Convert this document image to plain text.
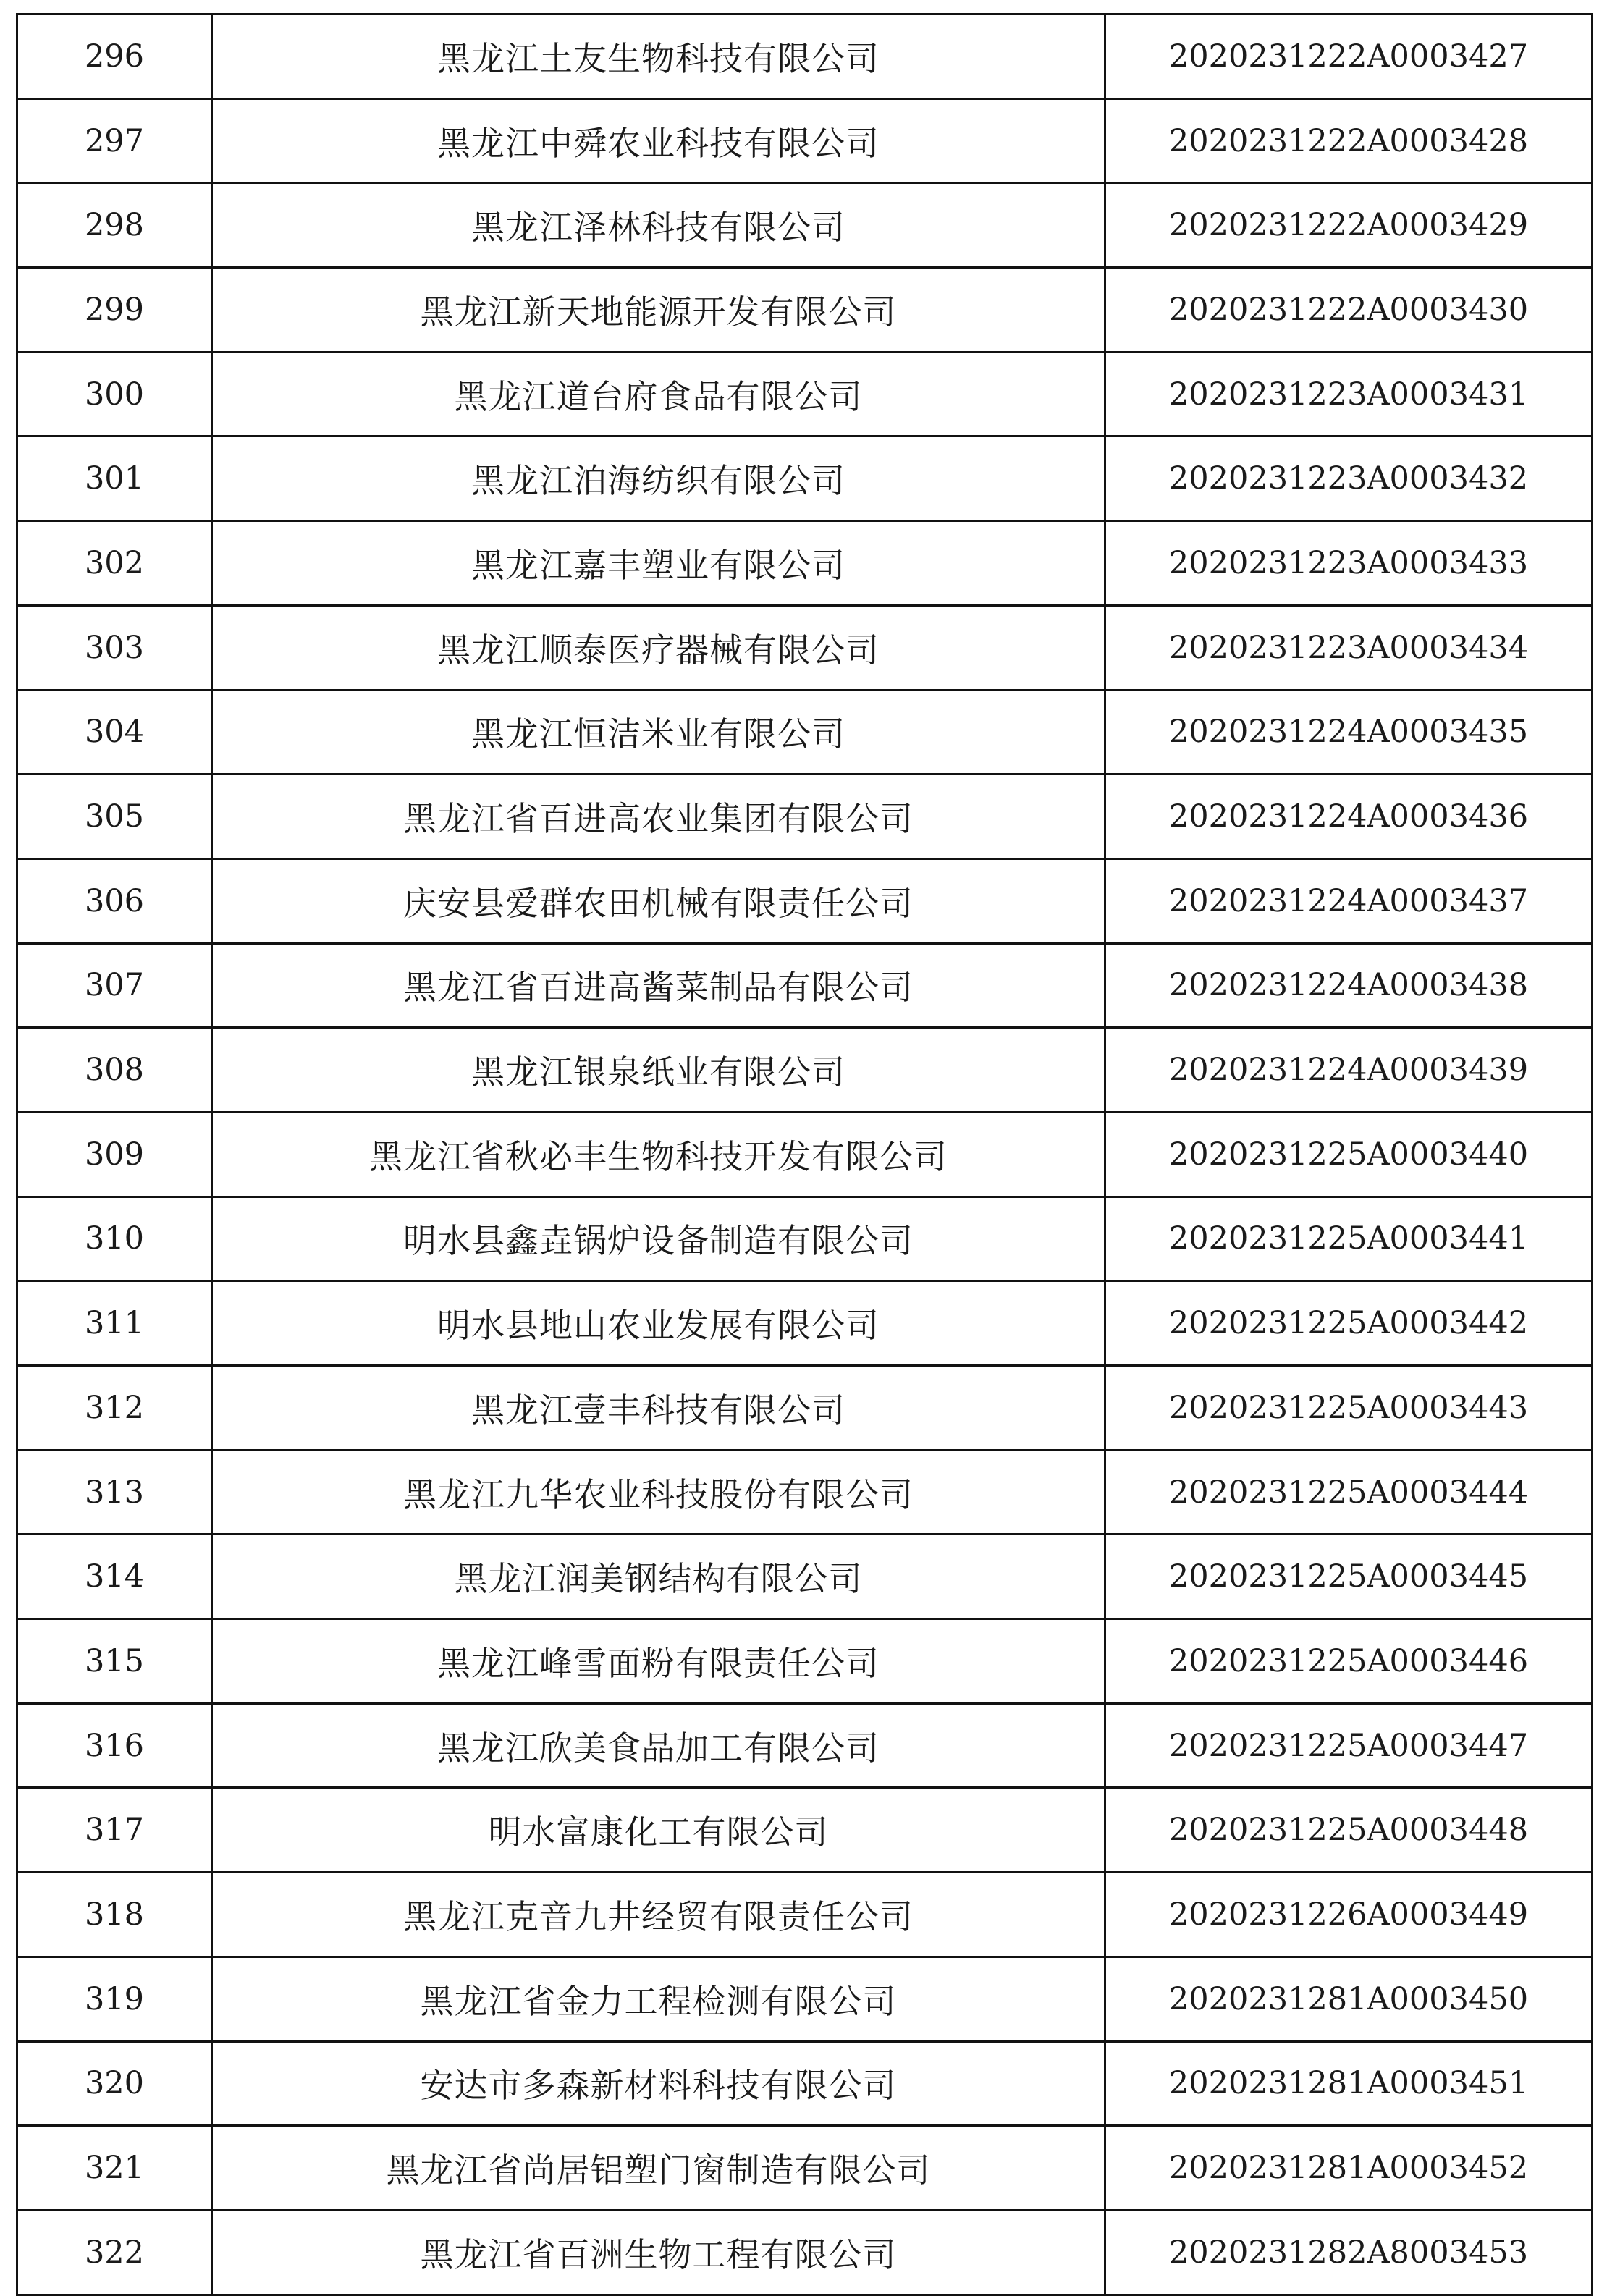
296	黑龙江土友生物科技有限公司	2020231222A0003427
297	黑龙江中舜农业科技有限公司	2020231222A0003428
298	黑龙江泽林科技有限公司	2020231222A0003429
299	黑龙江新天地能源开发有限公司	2020231222A0003430
300	黑龙江道台府食品有限公司	2020231223A0003431
301	黑龙江泊海纺织有限公司	2020231223A0003432
302	黑龙江嘉丰塑业有限公司	2020231223A0003433
303	黑龙江顺泰医疗器械有限公司	2020231223A0003434
304	黑龙江恒洁米业有限公司	2020231224A0003435
305	黑龙江省百进高农业集团有限公司	2020231224A0003436
306	庆安县爱群农田机械有限责任公司	2020231224A0003437
307	黑龙江省百进高酱菜制品有限公司	2020231224A0003438
308	黑龙江银泉纸业有限公司	2020231224A0003439
309	黑龙江省秋必丰生物科技开发有限公司	2020231225A0003440
310	明水县鑫垚锅炉设备制造有限公司	2020231225A0003441
311	明水县地山农业发展有限公司	2020231225A0003442
312	黑龙江壹丰科技有限公司	2020231225A0003443
313	黑龙江九华农业科技股份有限公司	2020231225A0003444
314	黑龙江润美钢结构有限公司	2020231225A0003445
315	黑龙江峰雪面粉有限责任公司	2020231225A0003446
316	黑龙江欣美食品加工有限公司	2020231225A0003447
317	明水富康化工有限公司	2020231225A0003448
318	黑龙江克音九井经贸有限责任公司	2020231226A0003449
319	黑龙江省金力工程检测有限公司	2020231281A0003450
320	安达市多森新材料科技有限公司	2020231281A0003451
321	黑龙江省尚居铝塑门窗制造有限公司	2020231281A0003452
322	黑龙江省百洲生物工程有限公司	2020231282A8003453
